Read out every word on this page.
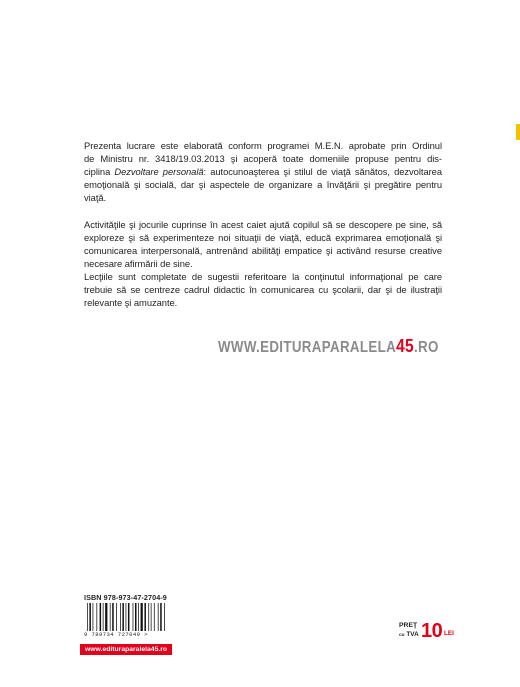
Prezenta lucrare este elaborată conform programei M.E.N. aprobate prin Ordinul
de Ministru nr. 3418/19.03.2013 şi acoperă toate domeniile propuse pentru dis-
ciplina Dezvoltare personală: autocunoaşterea şi stilul de viaţă sănătos, dezvoltarea
emoţională şi socială, dar şi aspectele de organizare a învăţării şi pregătire pentru
viaţă.
Activităţile şi jocurile cuprinse în acest caiet ajută copilul să se descopere pe sine, să
exploreze şi să experimenteze noi situaţii de viaţă, educă exprimarea emoţională şi
comunicarea interpersonală, antrenând abilităţi empatice şi activând resurse creative
necesare afirmării de sine.
Lecţiile sunt completate de sugestii referitoare la conţinutul informaţional pe care
trebuie să se centreze cadrul didactic în comunicarea cu şcolarii, dar şi de ilustraţii
relevante şi amuzante.
WWW.EDITURAPARALELA45.RO
ISBN 978-973-47-2704-9
9 789734 727049 >
www.edituraparalela45.ro
PREŢ
cu TVA 10 LEI
